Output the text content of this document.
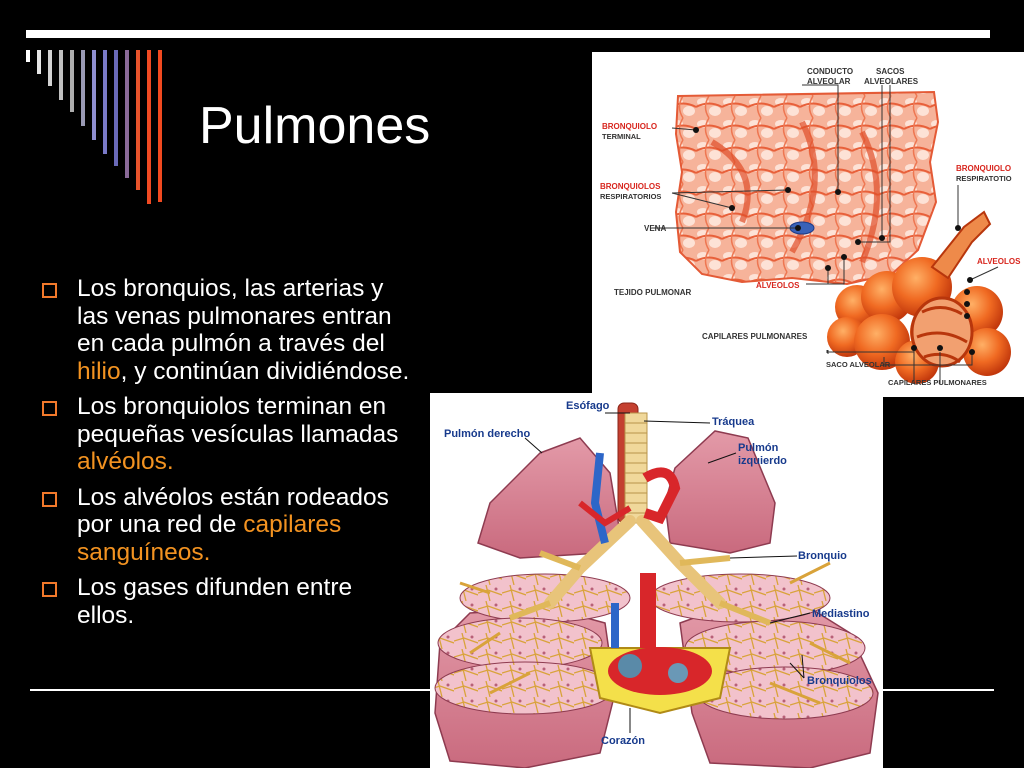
Pulmones
Los bronquios, las arterias y las venas pulmonares entran en cada pulmón a través del hilio, y continúan dividiéndose.
Los bronquiolos terminan en pequeñas vesículas llamadas alvéolos.
Los alvéolos están rodeados por una red de capilares sanguíneos.
Los gases difunden entre ellos.
CONDUCTO
ALVEOLAR
SACOS
ALVEOLARES
BRONQUIOLO
TERMINAL
BRONQUIOLO
RESPIRATOTIO
BRONQUIOLOS
RESPIRATORIOS
VENA
ALVEOLOS
ALVEOLOS
TEJIDO PULMONAR
CAPILARES PULMONARES
SACO ALVEOLAR
CAPILARES PULMONARES
Esófago
Pulmón derecho
Tráquea
Pulmón
izquierdo
Bronquio
Mediastino
Bronquiolos
Corazón
